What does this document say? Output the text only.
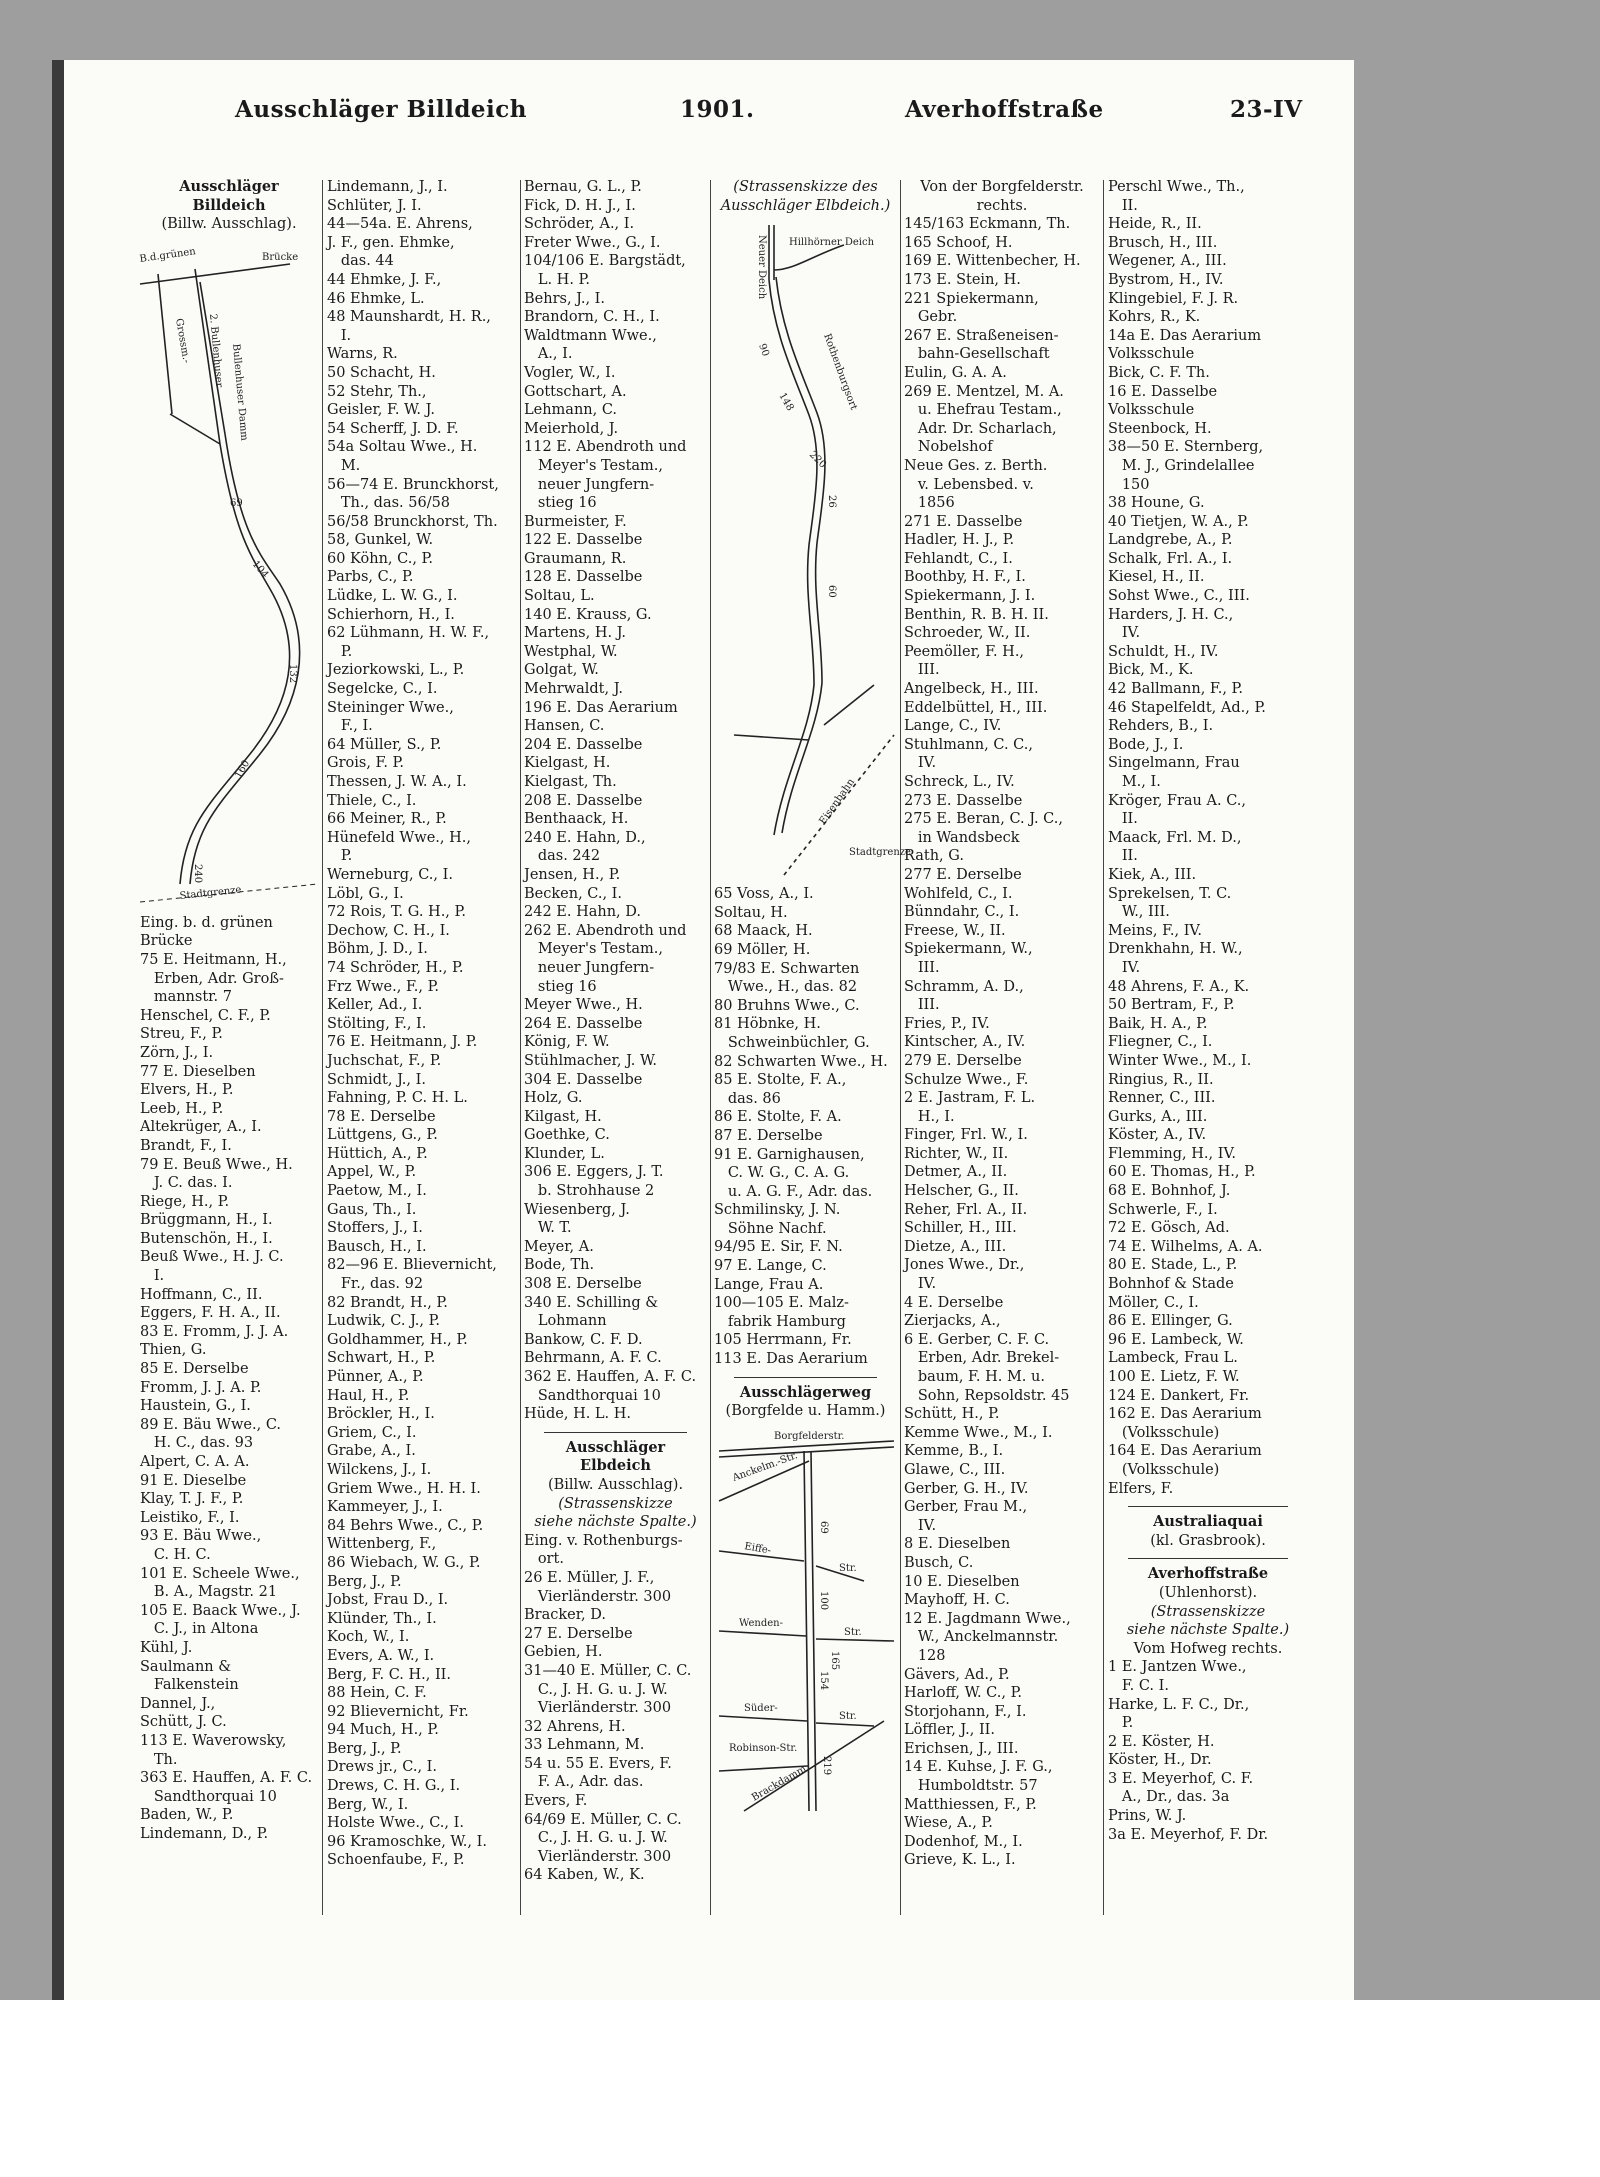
Ausschläger Billdeich	1901.	Averhoffstraße	23-IV
Ausschläger
Billdeich
(Billw. Ausschlag).
B.d.grünen	Brücke
Grossm.- 2. Bullenhuser Bullenhuser Damm
69
104
132
160
240
Stadtgrenze
Eing. b. d. grünen
Brücke
75 E. Heitmann, H.,
Erben, Adr. Groß-
mannstr. 7
Henschel, C. F., P.
Streu, F., P.
Zörn, J., I.
77 E. Dieselben
Elvers, H., P.
Leeb, H., P.
Altekrüger, A., I.
Brandt, F., I.
79 E. Beuß Wwe., H.
J. C. das. I.
Riege, H., P.
Brüggmann, H., I.
Butenschön, H., I.
Beuß Wwe., H. J. C.
I.
Hoffmann, C., II.
Eggers, F. H. A., II.
83 E. Fromm, J. J. A.
Thien, G.
85 E. Derselbe
Fromm, J. J. A. P.
Haustein, G., I.
89 E. Bäu Wwe., C.
H. C., das. 93
Alpert, C. A. A.
91 E. Dieselbe
Klay, T. J. F., P.
Leistiko, F., I.
93 E. Bäu Wwe.,
C. H. C.
101 E. Scheele Wwe.,
B. A., Magstr. 21
105 E. Baack Wwe., J.
C. J., in Altona
Kühl, J.
Saulmann &
Falkenstein
Dannel, J.,
Schütt, J. C.
113 E. Waverowsky,
Th.
363 E. Hauffen, A. F. C.
Sandthorquai 10
Baden, W., P.
Lindemann, D., P.
Lindemann, J., I.
Schlüter, J. I.
44—54a. E. Ahrens,
J. F., gen. Ehmke,
das. 44
44 Ehmke, J. F.,
46 Ehmke, L.
48 Maunshardt, H. R.,
I.
Warns, R.
50 Schacht, H.
52 Stehr, Th.,
Geisler, F. W. J.
54 Scherff, J. D. F.
54a Soltau Wwe., H.
M.
56—74 E. Brunckhorst,
Th., das. 56/58
56/58 Brunckhorst, Th.
58, Gunkel, W.
60 Köhn, C., P.
Parbs, C., P.
Lüdke, L. W. G., I.
Schierhorn, H., I.
62 Lühmann, H. W. F.,
P.
Jeziorkowski, L., P.
Segelcke, C., I.
Steininger Wwe.,
F., I.
64 Müller, S., P.
Grois, F. P.
Thessen, J. W. A., I.
Thiele, C., I.
66 Meiner, R., P.
Hünefeld Wwe., H.,
P.
Werneburg, C., I.
Löbl, G., I.
72 Rois, T. G. H., P.
Dechow, C. H., I.
Böhm, J. D., I.
74 Schröder, H., P.
Frz Wwe., F., P.
Keller, Ad., I.
Stölting, F., I.
76 E. Heitmann, J. P.
Juchschat, F., P.
Schmidt, J., I.
Fahning, P. C. H. L.
78 E. Derselbe
Lüttgens, G., P.
Hüttich, A., P.
Appel, W., P.
Paetow, M., I.
Gaus, Th., I.
Stoffers, J., I.
Bausch, H., I.
82—96 E. Blievernicht,
Fr., das. 92
82 Brandt, H., P.
Ludwik, C. J., P.
Goldhammer, H., P.
Schwart, H., P.
Pünner, A., P.
Haul, H., P.
Bröckler, H., I.
Griem, C., I.
Grabe, A., I.
Wilckens, J., I.
Griem Wwe., H. H. I.
Kammeyer, J., I.
84 Behrs Wwe., C., P.
Wittenberg, F.,
86 Wiebach, W. G., P.
Berg, J., P.
Jobst, Frau D., I.
Klünder, Th., I.
Koch, W., I.
Evers, A. W., I.
Berg, F. C. H., II.
88 Hein, C. F.
92 Blievernicht, Fr.
94 Much, H., P.
Berg, J., P.
Drews jr., C., I.
Drews, C. H. G., I.
Berg, W., I.
Holste Wwe., C., I.
96 Kramoschke, W., I.
Schoenfaube, F., P.
Bernau, G. L., P.
Fick, D. H. J., I.
Schröder, A., I.
Freter Wwe., G., I.
104/106 E. Bargstädt,
L. H. P.
Behrs, J., I.
Brandorn, C. H., I.
Waldtmann Wwe.,
A., I.
Vogler, W., I.
Gottschart, A.
Lehmann, C.
Meierhold, J.
112 E. Abendroth und
Meyer's Testam.,
neuer Jungfern-
stieg 16
Burmeister, F.
122 E. Dasselbe
Graumann, R.
128 E. Dasselbe
Soltau, L.
140 E. Krauss, G.
Martens, H. J.
Westphal, W.
Golgat, W.
Mehrwaldt, J.
196 E. Das Aerarium
Hansen, C.
204 E. Dasselbe
Kielgast, H.
Kielgast, Th.
208 E. Dasselbe
Benthaack, H.
240 E. Hahn, D.,
das. 242
Jensen, H., P.
Becken, C., I.
242 E. Hahn, D.
262 E. Abendroth und
Meyer's Testam.,
neuer Jungfern-
stieg 16
Meyer Wwe., H.
264 E. Dasselbe
König, F. W.
Stühlmacher, J. W.
304 E. Dasselbe
Holz, G.
Kilgast, H.
Goethke, C.
Klunder, L.
306 E. Eggers, J. T.
b. Strohhause 2
Wiesenberg, J.
W. T.
Meyer, A.
Bode, Th.
308 E. Derselbe
340 E. Schilling &
Lohmann
Bankow, C. F. D.
Behrmann, A. F. C.
362 E. Hauffen, A. F. C.
Sandthorquai 10
Hüde, H. L. H.
Ausschläger
Elbdeich
(Billw. Ausschlag).
(Strassenskizze
siehe nächste Spalte.)
Eing. v. Rothenburgs-
ort.
26 E. Müller, J. F.,
Vierländerstr. 300
Bracker, D.
27 E. Derselbe
Gebien, H.
31—40 E. Müller, C. C.
C., J. H. G. u. J. W.
Vierländerstr. 300
32 Ahrens, H.
33 Lehmann, M.
54 u. 55 E. Evers, F.
F. A., Adr. das.
Evers, F.
64/69 E. Müller, C. C.
C., J. H. G. u. J. W.
Vierländerstr. 300
64 Kaben, W., K.
(Strassenskizze des
Ausschläger Elbdeich.)
Neuer Deich Hillhörner Deich
Rothenburgsort
Eisenbahn
Stadtgrenze
26
60
90
148
220
65 Voss, A., I.
Soltau, H.
68 Maack, H.
69 Möller, H.
79/83 E. Schwarten
Wwe., H., das. 82
80 Bruhns Wwe., C.
81 Höbnke, H.
Schweinbüchler, G.
82 Schwarten Wwe., H.
85 E. Stolte, F. A.,
das. 86
86 E. Stolte, F. A.
87 E. Derselbe
91 E. Garnighausen,
C. W. G., C. A. G.
u. A. G. F., Adr. das.
Schmilinsky, J. N.
Söhne Nachf.
94/95 E. Sir, F. N.
97 E. Lange, C.
Lange, Frau A.
100—105 E. Malz-
fabrik Hamburg
105 Herrmann, Fr.
113 E. Das Aerarium
Ausschlägerweg
(Borgfelde u. Hamm.)
Borgfelderstr.
Anckelm.-Str.
Eiffe-
Str.
Wenden-
Str.
Süder-
Str.
Robinson-Str.
Brackdamm
69
100
154
165
219
Von der Borgfelderstr.
rechts.
145/163 Eckmann, Th.
165 Schoof, H.
169 E. Wittenbecher, H.
173 E. Stein, H.
221 Spiekermann,
Gebr.
267 E. Straßeneisen-
bahn-Gesellschaft
Eulin, G. A. A.
269 E. Mentzel, M. A.
u. Ehefrau Testam.,
Adr. Dr. Scharlach,
Nobelshof
Neue Ges. z. Berth.
v. Lebensbed. v.
1856
271 E. Dasselbe
Hadler, H. J., P.
Fehlandt, C., I.
Boothby, H. F., I.
Spiekermann, J. I.
Benthin, R. B. H. II.
Schroeder, W., II.
Peemöller, F. H.,
III.
Angelbeck, H., III.
Eddelbüttel, H., III.
Lange, C., IV.
Stuhlmann, C. C.,
IV.
Schreck, L., IV.
273 E. Dasselbe
275 E. Beran, C. J. C.,
in Wandsbeck
Rath, G.
277 E. Derselbe
Wohlfeld, C., I.
Bünndahr, C., I.
Freese, W., II.
Spiekermann, W.,
III.
Schramm, A. D.,
III.
Fries, P., IV.
Kintscher, A., IV.
279 E. Derselbe
Schulze Wwe., F.
2 E. Jastram, F. L.
H., I.
Finger, Frl. W., I.
Richter, W., II.
Detmer, A., II.
Helscher, G., II.
Reher, Frl. A., II.
Schiller, H., III.
Dietze, A., III.
Jones Wwe., Dr.,
IV.
4 E. Derselbe
Zierjacks, A.,
6 E. Gerber, C. F. C.
Erben, Adr. Brekel-
baum, F. H. M. u.
Sohn, Repsoldstr. 45
Schütt, H., P.
Kemme Wwe., M., I.
Kemme, B., I.
Glawe, C., III.
Gerber, G. H., IV.
Gerber, Frau M.,
IV.
8 E. Dieselben
Busch, C.
10 E. Dieselben
Mayhoff, H. C.
12 E. Jagdmann Wwe.,
W., Anckelmannstr.
128
Gävers, Ad., P.
Harloff, W. C., P.
Storjohann, F., I.
Löffler, J., II.
Erichsen, J., III.
14 E. Kuhse, J. F. G.,
Humboldtstr. 57
Matthiessen, F., P.
Wiese, A., P.
Dodenhof, M., I.
Grieve, K. L., I.
Perschl Wwe., Th.,
II.
Heide, R., II.
Brusch, H., III.
Wegener, A., III.
Bystrom, H., IV.
Klingebiel, F. J. R.
Kohrs, R., K.
14a E. Das Aerarium
Volksschule
Bick, C. F. Th.
16 E. Dasselbe
Volksschule
Steenbock, H.
38—50 E. Sternberg,
M. J., Grindelallee
150
38 Houne, G.
40 Tietjen, W. A., P.
Landgrebe, A., P.
Schalk, Frl. A., I.
Kiesel, H., II.
Sohst Wwe., C., III.
Harders, J. H. C.,
IV.
Schuldt, H., IV.
Bick, M., K.
42 Ballmann, F., P.
46 Stapelfeldt, Ad., P.
Rehders, B., I.
Bode, J., I.
Singelmann, Frau
M., I.
Kröger, Frau A. C.,
II.
Maack, Frl. M. D.,
II.
Kiek, A., III.
Sprekelsen, T. C.
W., III.
Meins, F., IV.
Drenkhahn, H. W.,
IV.
48 Ahrens, F. A., K.
50 Bertram, F., P.
Baik, H. A., P.
Fliegner, C., I.
Winter Wwe., M., I.
Ringius, R., II.
Renner, C., III.
Gurks, A., III.
Köster, A., IV.
Flemming, H., IV.
60 E. Thomas, H., P.
68 E. Bohnhof, J.
Schwerle, F., I.
72 E. Gösch, Ad.
74 E. Wilhelms, A. A.
80 E. Stade, L., P.
Bohnhof & Stade
Möller, C., I.
86 E. Ellinger, G.
96 E. Lambeck, W.
Lambeck, Frau L.
100 E. Lietz, F. W.
124 E. Dankert, Fr.
162 E. Das Aerarium
(Volksschule)
164 E. Das Aerarium
(Volksschule)
Elfers, F.
Australiaquai
(kl. Grasbrook).
Averhoffstraße
(Uhlenhorst).
(Strassenskizze
siehe nächste Spalte.)
Vom Hofweg rechts.
1 E. Jantzen Wwe.,
F. C. I.
Harke, L. F. C., Dr.,
P.
2 E. Köster, H.
Köster, H., Dr.
3 E. Meyerhof, C. F.
A., Dr., das. 3a
Prins, W. J.
3a E. Meyerhof, F. Dr.
